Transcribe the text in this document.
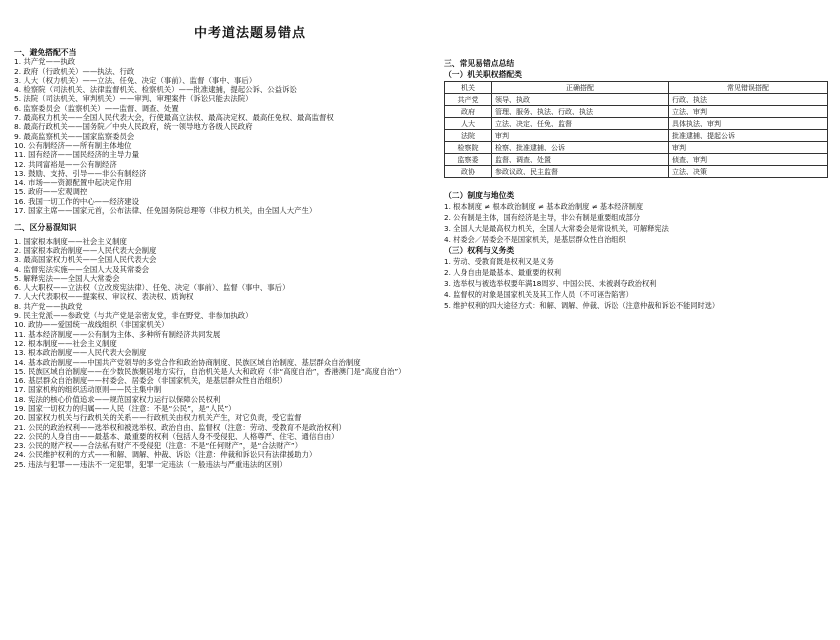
中考道法题易错点
一、避免搭配不当
1. 共产党——执政
2. 政府（行政机关）——执法、行政
3. 人大（权力机关）——立法、任免、决定（事前）、监督（事中、事后）
4. 检察院（司法机关、法律监督机关、检察机关）——批准逮捕，提起公诉、公益诉讼
5. 法院（司法机关、审判机关）——审判、审理案件（诉讼只能去法院）
6. 监察委员会（监察机关）——监督、调查、处置
7. 最高权力机关——全国人民代表大会，行使最高立法权、最高决定权、最高任免权、最高监督权
8. 最高行政机关——国务院／中央人民政府，统一领导地方各级人民政府
9. 最高监察机关——国家监察委员会
10. 公有制经济——所有制主体地位
11. 国有经济——国民经济的主导力量
12. 共同富裕是——公有制经济
13. 鼓励、支持、引导——非公有制经济
14. 市场——资源配置中起决定作用
15. 政府——宏观调控
16. 我国一切工作的中心——经济建设
17. 国家主席——国家元首，公布法律、任免国务院总理等（非权力机关，由全国人大产生）
二、区分易混知识
1. 国家根本制度——社会主义制度
2. 国家根本政治制度——人民代表大会制度
3. 最高国家权力机关——全国人民代表大会
4. 监督宪法实施——全国人大及其常委会
5. 解释宪法——全国人大常委会
6. 人大职权——立法权（立改废宪法律）、任免、决定（事前）、监督（事中、事后）
7. 人大代表职权——提案权、审议权、表决权、质询权
8. 共产党——执政党
9. 民主党派——参政党（与共产党是亲密友党，非在野党、非参加执政）
10. 政协——爱国统一战线组织（非国家机关）
11. 基本经济制度——公有制为主体、多种所有制经济共同发展
12. 根本制度——社会主义制度
13. 根本政治制度——人民代表大会制度
14. 基本政治制度——中国共产党领导的多党合作和政治协商制度、民族区域自治制度、基层群众自治制度
15. 民族区域自治制度——在少数民族聚居地方实行，自治机关是人大和政府（非“高度自治”，香港澳门是“高度自治”）
16. 基层群众自治制度——村委会、居委会（非国家机关，是基层群众性自治组织）
17. 国家机构的组织活动原则——民主集中制
18. 宪法的核心价值追求——规范国家权力运行以保障公民权利
19. 国家一切权力的归属——人民（注意：不是“公民”，是“人民”）
20. 国家权力机关与行政机关的关系——行政机关由权力机关产生，对它负责，受它监督
21. 公民的政治权利——选举权和被选举权、政治自由、监督权（注意：劳动、受教育不是政治权利）
22. 公民的人身自由——最基本、最重要的权利（包括人身不受侵犯、人格尊严、住宅、通信自由）
23. 公民的财产权——合法私有财产不受侵犯（注意：不是“任何财产”，是“合法财产”）
24. 公民维护权利的方式——和解、调解、仲裁、诉讼（注意：仲裁和诉讼只有法律援助力）
25. 违法与犯罪——违法不一定犯罪，犯罪一定违法（一般违法与严重违法的区别）
三、常见易错点总结
（一）机关职权搭配类
机关	正确搭配	常见错误搭配
共产党	领导、执政	行政、执法
政府	管理、服务、执法、行政、执法	立法、审判
人大	立法、决定、任免、监督	具体执法、审判
法院	审判	批准逮捕、提起公诉
检察院	检察、批准逮捕、公诉	审判
监察委	监督、调查、处置	侦查、审判
政协	参政议政、民主监督	立法、决策
（二）制度与地位类
1. 根本制度 ≠ 根本政治制度 ≠ 基本政治制度 ≠ 基本经济制度
2. 公有制是主体，国有经济是主导，非公有制是重要组成部分
3. 全国人大是最高权力机关，全国人大常委会是常设机关，可解释宪法
4. 村委会／居委会不是国家机关，是基层群众性自治组织
（三）权利与义务类
1. 劳动、受教育既是权利又是义务
2. 人身自由是最基本、最重要的权利
3. 选举权与被选举权要年满18周岁、中国公民、未被剥夺政治权利
4. 监督权的对象是国家机关及其工作人员（不可诬告陷害）
5. 维护权利的四大途径方式：和解、调解、仲裁、诉讼（注意仲裁和诉讼不能同时选）
